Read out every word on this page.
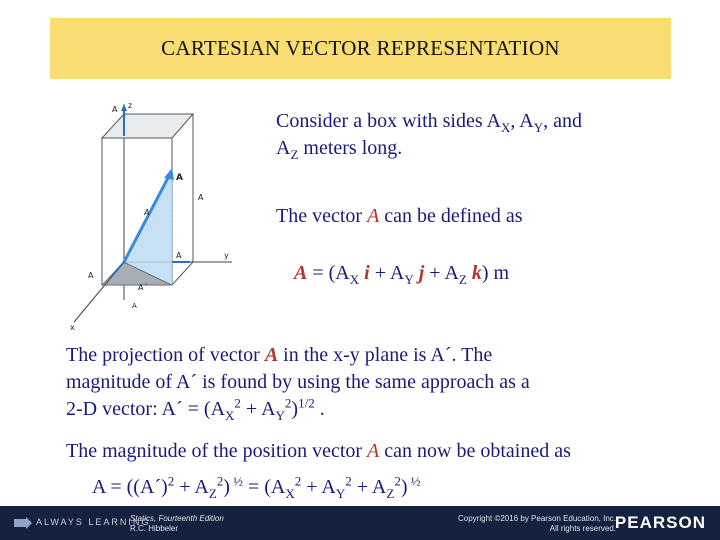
CARTESIAN VECTOR REPRESENTATION
A
A
A
A
A
A
A´
A
y
x
z
Consider a box with sides $A_X$, $A_Y$, and
$A_Z$ meters long.
The vector A can be defined as
$A = (A_X$ $i + A_Y$ $j + A_Z$ k) m
The projection of vector A in the x-y plane is A´. The
magnitude of A´ is found by using the same approach as a
2-D vector: A´ = $(A_X^2 + A_Y^2)^{1/2}$ .
The magnitude of the position vector A can now be obtained as
A = ((A´)$^2$ + $A_Z^2$) $^{\frac{1}{2}} = (A_X^2 + A_Y^2 + A_Z^2)$ $^{\frac{1}{2}}$
ALWAYS LEARNING
Statics, Fourteenth Edition
R.C. Hibbeler
Copyright ©2016 by Pearson Education, Inc.
All rights reserved.
PEARSON
